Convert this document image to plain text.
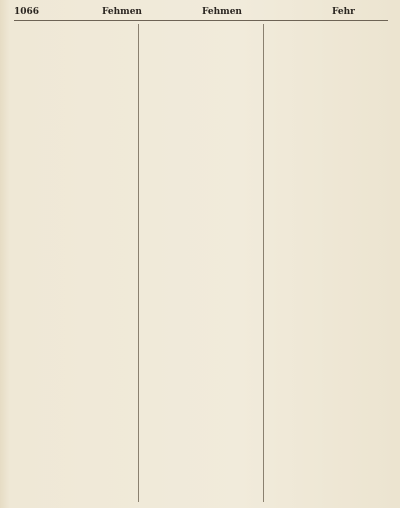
1066	Fehmen	Fehmen	Fehr
